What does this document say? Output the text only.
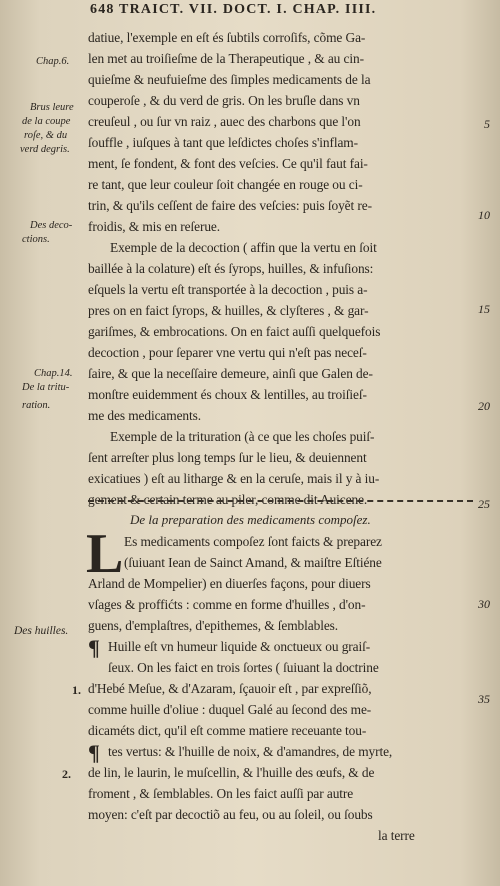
648 TRAICT. VII. DOCT. I. CHAP. IIII.
datiue, l'exemple en eſt és ſubtils corroſifs, cõme Ga-
len met au troiſieſme de la Therapeutique , & au cin-
quieſme & neufuieſme des ſimples medicaments de la
couperoſe , & du verd de gris. On les bruſle dans vn
creuſeul , ou ſur vn raiz , auec des charbons que l'on
ſouffle , iuſques à tant que leſdictes choſes s'inflam-
ment, ſe fondent, & font des veſcies. Ce qu'il faut fai-
re tant, que leur couleur ſoit changée en rouge ou ci-
trin, & qu'ils ceſſent de faire des veſcies: puis ſoyẽt re-
froidis, & mis en reſerue.
Exemple de la decoction ( affin que la vertu en ſoit
baillée à la colature) eſt és ſyrops, huilles, & infuſions:
eſquels la vertu eſt transportée à la decoction , puis a-
pres on en faict ſyrops, & huilles, & clyſteres , & gar-
gariſmes, & embrocations. On en faict auſſi quelquefois
decoction , pour ſeparer vne vertu qui n'eſt pas neceſ-
ſaire, & que la neceſſaire demeure, ainſi que Galen de-
monſtre euidemment és choux & lentilles, au troiſieſ-
me des medicaments.
Exemple de la trituration (à ce que les choſes puiſ-
ſent arreſter plus long temps ſur le lieu, & deuiennent
exicatiues ) eſt au litharge & en la ceruſe, mais il y à iu-
gement & certain terme au piler, comme dit Auicene.
De la preparation des medicaments compoſez.
L Es medicaments compoſez ſont faicts & preparez
(ſuiuant Iean de Sainct Amand, & maiſtre Eſtiéne
Arland de Mompelier) en diuerſes façons, pour diuers
vſages & proffićts : comme en forme d'huilles , d'on-
guens, d'emplaſtres, d'epithemes, & ſemblables.
Huille eſt vn humeur liquide & onctueux ou graiſ-
ſeux. On les faict en trois ſortes ( ſuiuant la doctrine
d'Hebé Meſue, & d'Azaram, ſçauoir eſt , par expreſſiõ,
comme huille d'oliue : duquel Galé au ſecond des me-
dicaméts dict, qu'il eſt comme matiere receuante tou-
tes vertus: & l'huille de noix, & d'amandres, de myrte,
de lin, le laurin, le muſcellin, & l'huille des œufs, & de
froment , & ſemblables. On les faict auſſi par autre
moyen: c'eſt par decoctiõ au feu, ou au ſoleil, ou ſoubs
la terre
¶
¶
1.
2.
Chap.6.
Brus leure
de la coupe
roſe, & du
verd degris.
Des deco-
ctions.
Chap.14.
De la tritu-
ration.
Des huilles.
5
10
15
20
25
30
35
